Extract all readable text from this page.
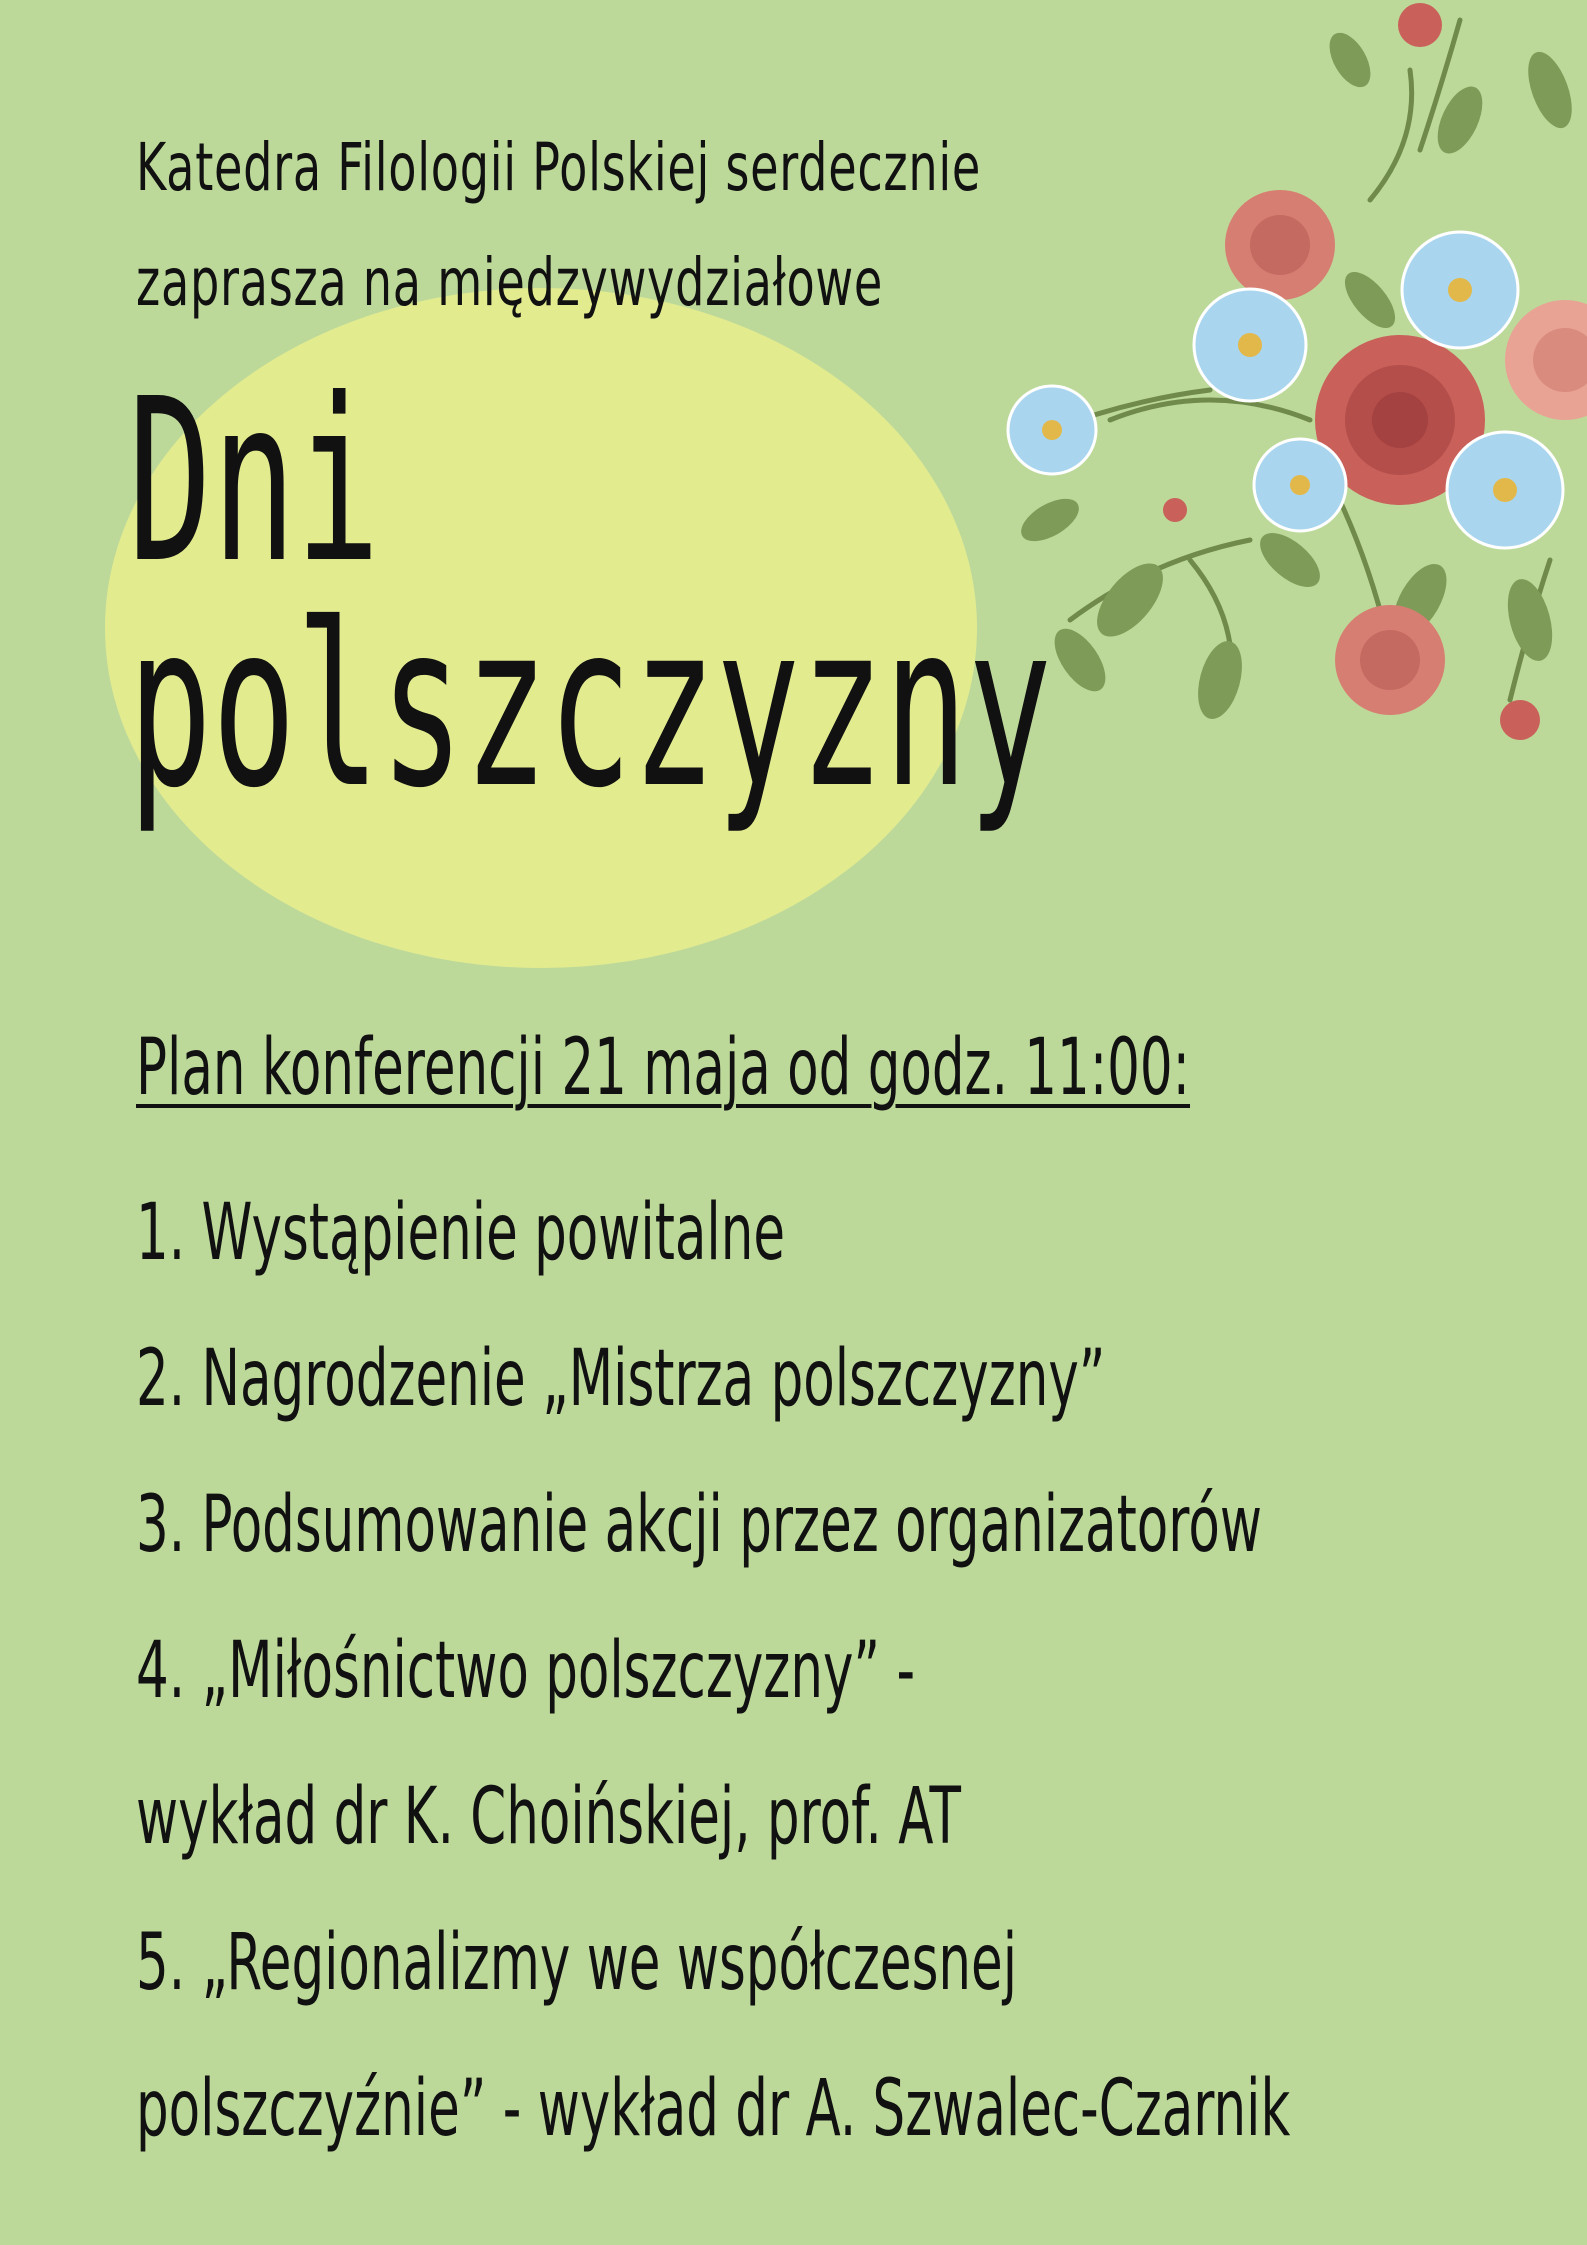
Katedra Filologii Polskiej serdecznie
zaprasza na międzywydziałowe
Dni
polszczyzny
Plan konferencji 21 maja od godz. 11:00:
1. Wystąpienie powitalne
2. Nagrodzenie „Mistrza polszczyzny”
3. Podsumowanie akcji przez organizatorów
4. „Miłośnictwo polszczyzny” -
wykład dr K. Choińskiej, prof. AT
5. „Regionalizmy we współczesnej
polszczyźnie” - wykład dr A. Szwalec-Czarnik
